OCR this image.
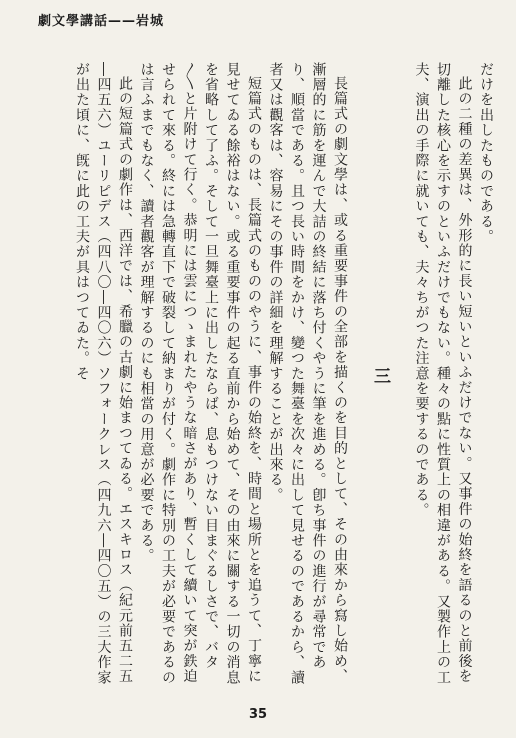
劇文學講話——岩城

だけを出したものである。

此の二種の差異は、外形的に長い短いといふだけでない。又事件の始終を語るのと前後を切離した核心を示すのといふだけでもない。種々の點に性質上の相違がある。又製作上の工夫、演出の手際に就いても、夫々ちがつた注意を要するのである。

三

長篇式の劇文學は、或る重要事件の全部を描くのを目的として、その由來から寫し始め、漸層的に筋を運んで大詰の終結に落ち付くやうに筆を進める。卽ち事件の進行が尋常であり、順當である。且つ長い時間をかけ、變つた舞臺を次々に出して見せるのであるから、讀者又は觀客は、容易にその事件の詳細を理解することが出來る。

短篇式のものは、長篇式のもののやうに、事件の始終を、時間と場所とを追うて、丁寧に見せてゐる餘裕はない。或る重要事件の起る直前から始めて、その由來に關する一切の消息を省略して了ふ。そして一旦舞臺上に出したならば、息もつけない目まぐるしさで、バタ〳〵と片附けて行く。恭明には雲につゝまれたやうな暗さがあり、暫くして續いて突が鉄迫せられて來る。終には急轉直下で破裂して納まりが付く。劇作に特別の工夫が必要であるのは言ふまでもなく、讀者觀客が理解するのにも相當の用意が必要である。

此の短篇式の劇作は、西洋では、希臘の古劇に始まつてゐる。エスキロス（紀元前五二五―四五六）ユーリピデス（四八〇―四〇六）ソフォークレス（四九六―四〇五）の三大作家が出た頃に、旣に此の工夫が具はつてゐた。そ

35
